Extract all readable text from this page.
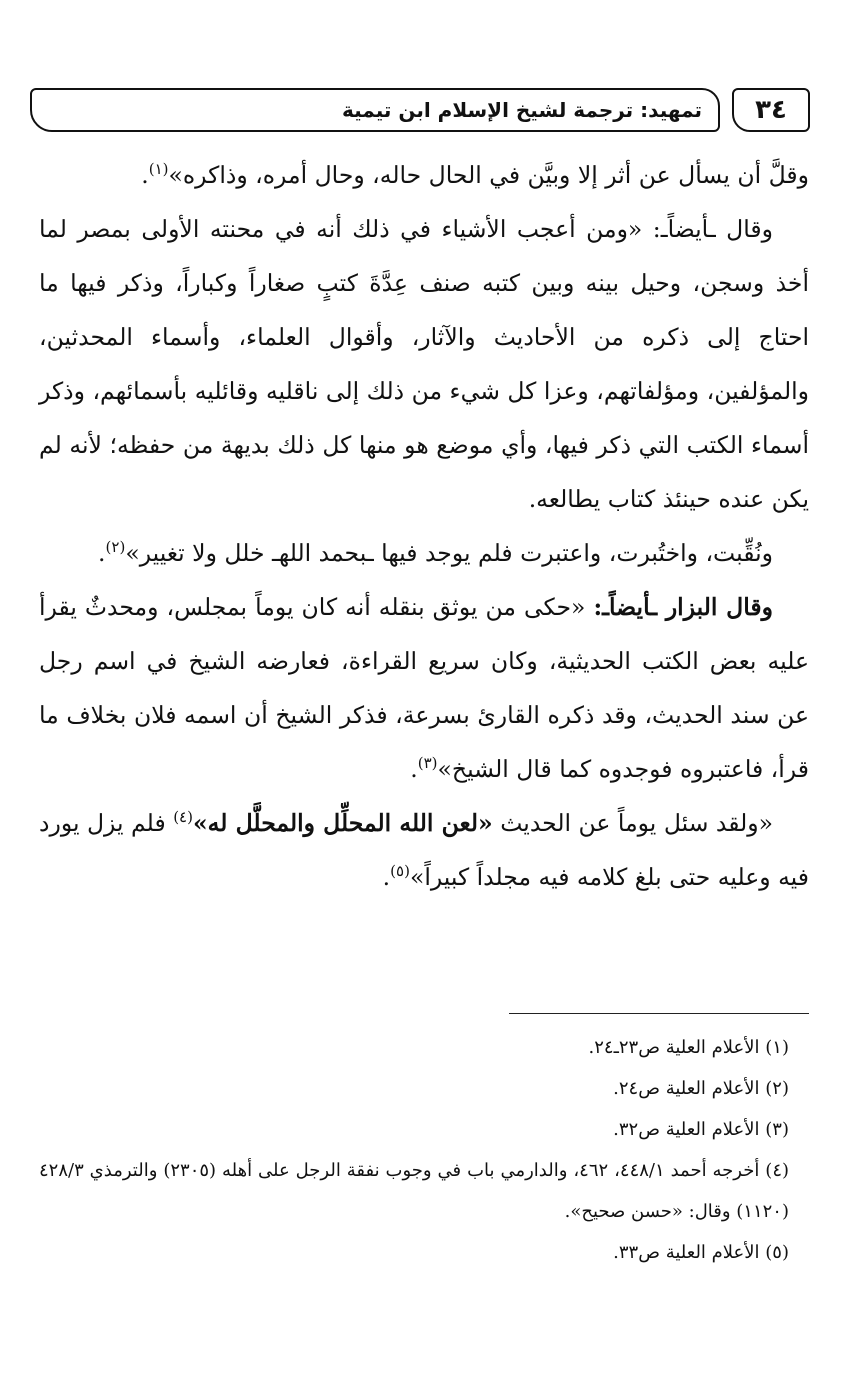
٣٤
تمهيد: ترجمة لشيخ الإسلام ابن تيمية

وقلَّ أن يسأل عن أثر إلا وبيَّن في الحال حاله، وحال أمره، وذاكره»$^{(١)}$.

وقال ـأيضاًـ: «ومن أعجب الأشياء في ذلك أنه في محنته الأولى بمصر لما أخذ وسجن، وحيل بينه وبين كتبه صنف عِدَّةَ كتبٍ صغاراً وكباراً، وذكر فيها ما احتاج إلى ذكره من الأحاديث والآثار، وأقوال العلماء، وأسماء المحدثين، والمؤلفين، ومؤلفاتهم، وعزا كل شيء من ذلك إلى ناقليه وقائليه بأسمائهم، وذكر أسماء الكتب التي ذكر فيها، وأي موضع هو منها كل ذلك بديهة من حفظه؛ لأنه لم يكن عنده حينئذ كتاب يطالعه.

ونُقِّبت، واختُبرت، واعتبرت فلم يوجد فيها ـبحمد اللهـ خلل ولا تغيير»$^{(٢)}$.

وقال البزار ـأيضاًـ: «حكى من يوثق بنقله أنه كان يوماً بمجلس، ومحدثٌ يقرأ عليه بعض الكتب الحديثية، وكان سريع القراءة، فعارضه الشيخ في اسم رجل عن سند الحديث، وقد ذكره القارئ بسرعة، فذكر الشيخ أن اسمه فلان بخلاف ما قرأ، فاعتبروه فوجدوه كما قال الشيخ»$^{(٣)}$.

«ولقد سئل يوماً عن الحديث «لعن الله المحلِّل والمحلَّل له»$^{(٤)}$ فلم يزل يورد فيه وعليه حتى بلغ كلامه فيه مجلداً كبيراً»$^{(٥)}$.

(١) الأعلام العلية ص٢٣ـ٢٤.

(٢) الأعلام العلية ص٢٤.

(٣) الأعلام العلية ص٣٢.

(٤) أخرجه أحمد ٤٤٨/١، ٤٦٢، والدارمي باب في وجوب نفقة الرجل على أهله (٢٣٠٥) والترمذي ٤٢٨/٣ (١١٢٠) وقال: «حسن صحيح».

(٥) الأعلام العلية ص٣٣.
